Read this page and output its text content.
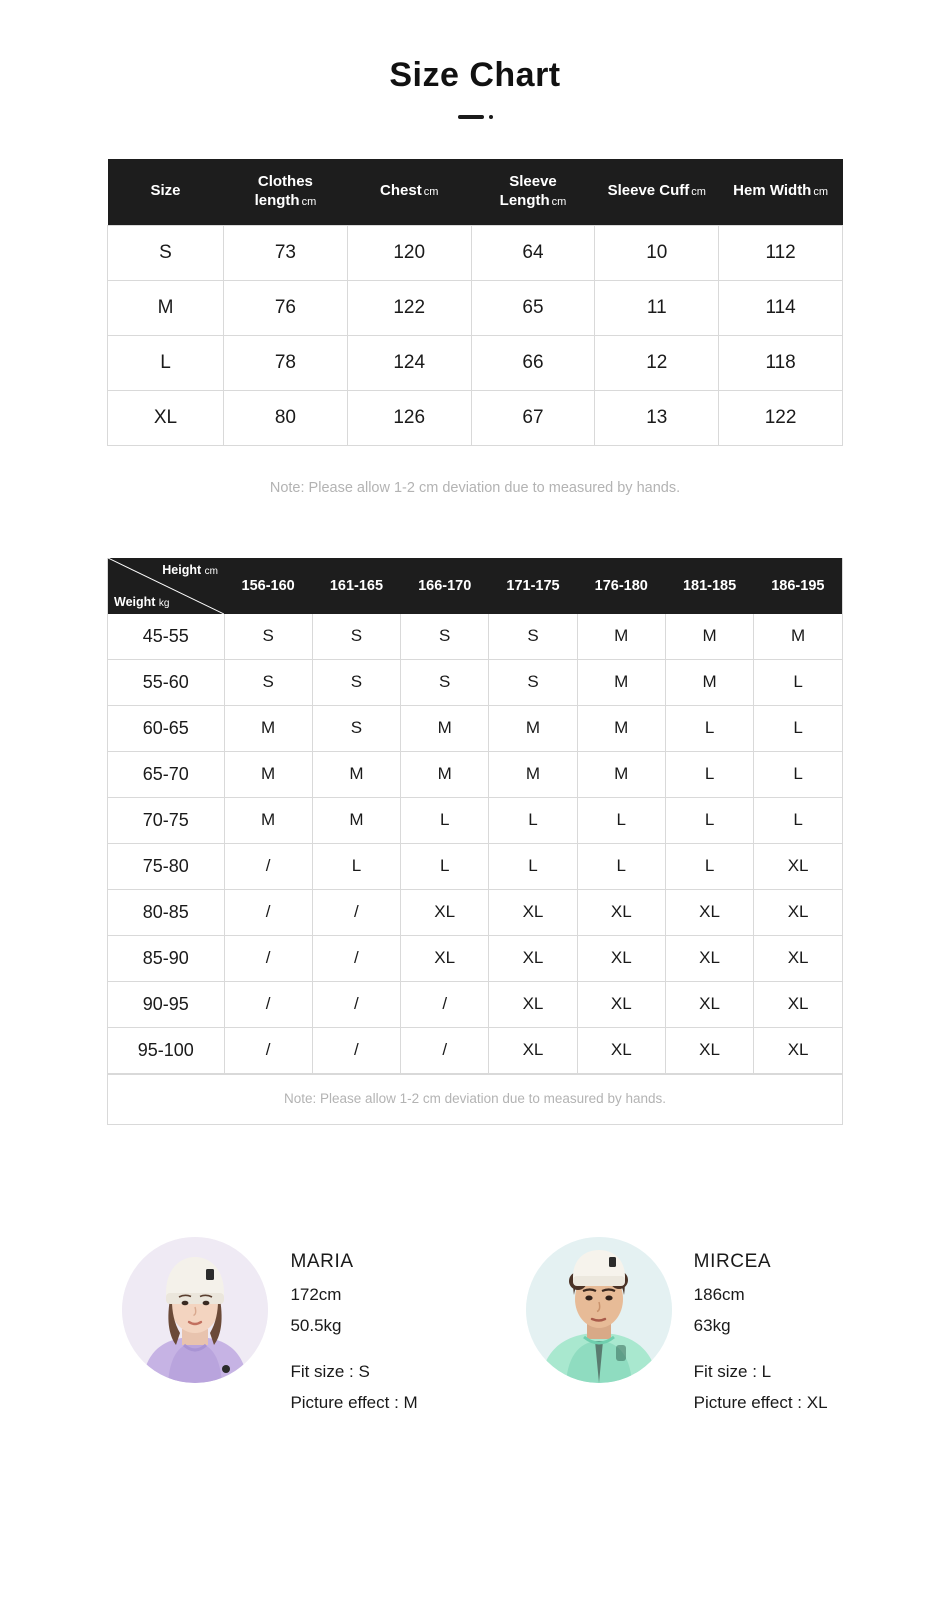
Size Chart
Size	Clothes length cm	Chest cm	Sleeve Length cm	Sleeve Cuff cm	Hem Width cm
S	73	120	64	10	112
M	76	122	65	11	114
L	78	124	66	12	118
XL	80	126	67	13	122
Note: Please allow 1-2 cm deviation due to measured by hands.
Height cm
Weight kg	156-160	161-165	166-170	171-175	176-180	181-185	186-195
45-55	S	S	S	S	M	M	M
55-60	S	S	S	S	M	M	L
60-65	M	S	M	M	M	L	L
65-70	M	M	M	M	M	L	L
70-75	M	M	L	L	L	L	L
75-80	/	L	L	L	L	L	XL
80-85	/	/	XL	XL	XL	XL	XL
85-90	/	/	XL	XL	XL	XL	XL
90-95	/	/	/	XL	XL	XL	XL
95-100	/	/	/	XL	XL	XL	XL
Note: Please allow 1-2 cm deviation due to measured by hands.
MARIA
172cm
50.5kg
Fit size : S
Picture effect : M
MIRCEA
186cm
63kg
Fit size : L
Picture effect : XL
